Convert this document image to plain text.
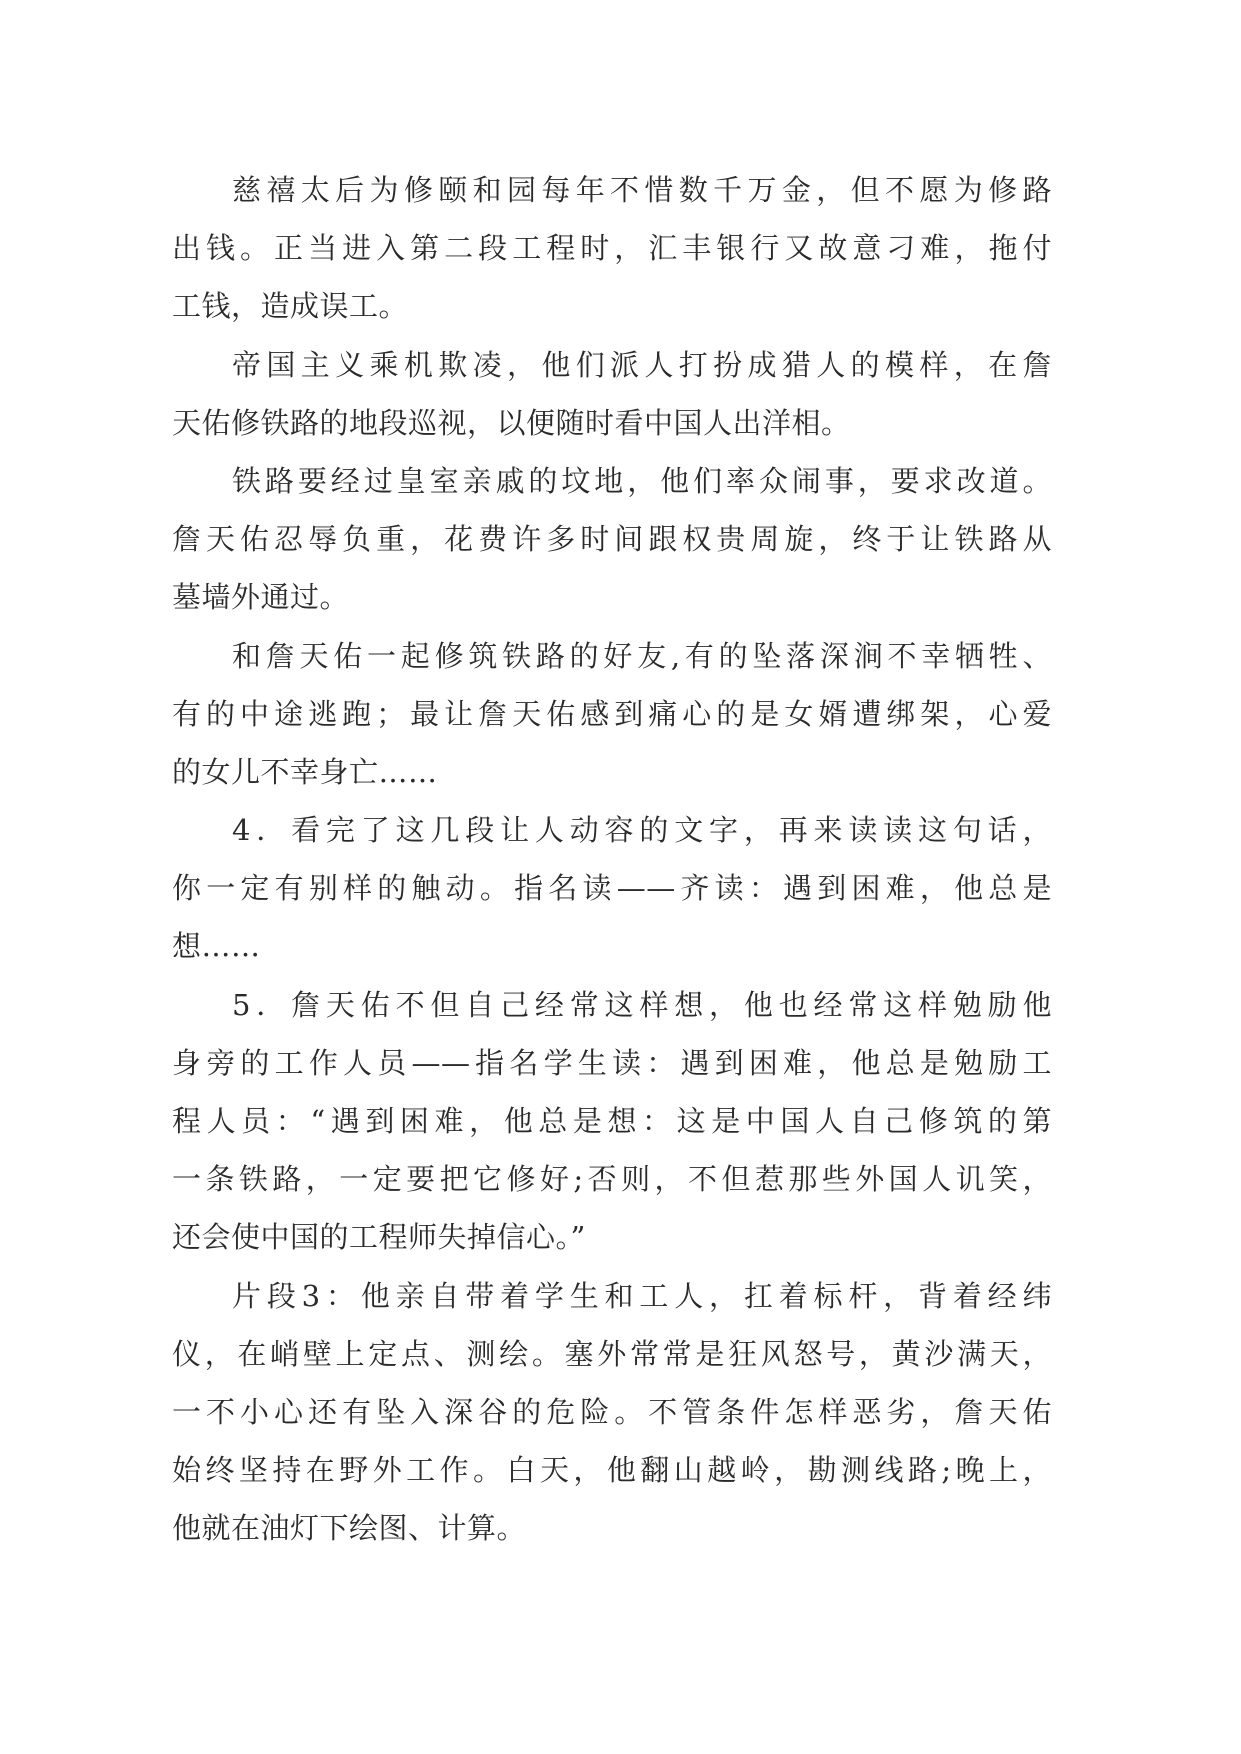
慈禧太后为修颐和园每年不惜数千万金，但不愿为修路
出钱。正当进入第二段工程时，汇丰银行又故意刁难，拖付
工钱，造成误工。
帝国主义乘机欺凌，他们派人打扮成猎人的模样，在詹
天佑修铁路的地段巡视，以便随时看中国人出洋相。
铁路要经过皇室亲戚的坟地，他们率众闹事，要求改道。
詹天佑忍辱负重，花费许多时间跟权贵周旋，终于让铁路从
墓墙外通过。
和詹天佑一起修筑铁路的好友,有的坠落深涧不幸牺牲、
有的中途逃跑；最让詹天佑感到痛心的是女婿遭绑架，心爱
的女儿不幸身亡……
4．看完了这几段让人动容的文字，再来读读这句话，
你一定有别样的触动。指名读——齐读：遇到困难，他总是
想……
5．詹天佑不但自己经常这样想，他也经常这样勉励他
身旁的工作人员——指名学生读：遇到困难，他总是勉励工
程人员：“遇到困难，他总是想：这是中国人自己修筑的第
一条铁路，一定要把它修好;否则，不但惹那些外国人讥笑，
还会使中国的工程师失掉信心。”
片段3：他亲自带着学生和工人，扛着标杆，背着经纬
仪，在峭壁上定点、测绘。塞外常常是狂风怒号，黄沙满天，
一不小心还有坠入深谷的危险。不管条件怎样恶劣，詹天佑
始终坚持在野外工作。白天，他翻山越岭，勘测线路;晚上，
他就在油灯下绘图、计算。
